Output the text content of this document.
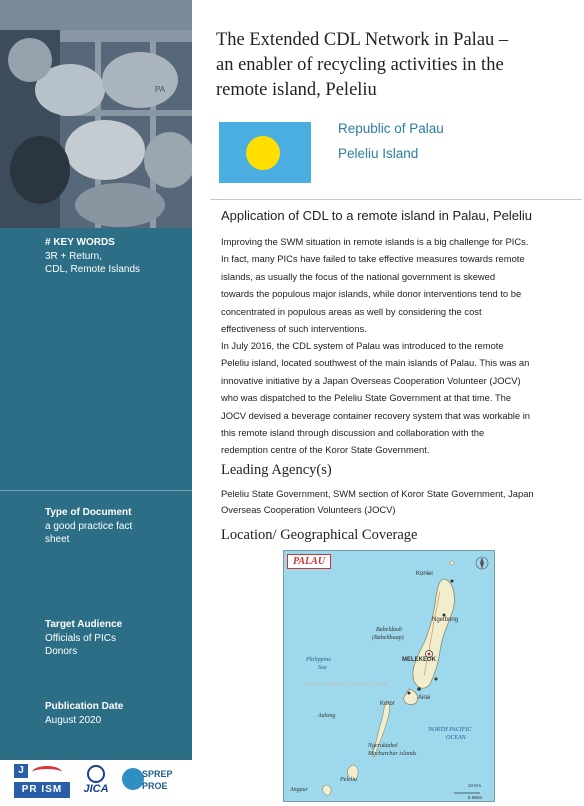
PA
# KEY WORDS
3R + Return,
CDL, Remote Islands
Type of Document
a good practice fact
sheet
Target Audience
Officials of PICs
Donors
Publication Date
August 2020
J
PR ISM	JICA
SPREP
PROE
The Extended CDL Network in Palau –
an enabler of recycling activities in the
remote island, Peleliu
Republic of Palau
Peleliu Island
Application of CDL to a remote island in Palau, Peleliu
Improving the SWM situation in remote islands is a big challenge for PICs.
In fact, many PICs have failed to take effective measures towards remote
islands, as usually the focus of the national government is skewed
towards the populous major islands, while donor interventions tend to be
concentrated in populous areas as well by considering the cost
effectiveness of such interventions.
In July 2016, the CDL system of Palau was introduced to the remote
Peleliu island, located southwest of the main islands of Palau. This was an
innovative initiative by a Japan Overseas Cooperation Volunteer (JOCV)
who was dispatched to the Peleliu State Government at that time. The
JOCV devised a beverage container recovery system that was workable in
this remote island through discussion and collaboration with the
redemption centre of the Koror State Government.
Leading Agency(s)
Peleliu State Government, SWM section of Koror State Government, Japan
Overseas Cooperation Volunteers (JOCV)
Location/ Geographical Coverage
PALAU
Koniei
Ngetbong
Babeldaob
(Babelthuap)
MELEKEOK
Philippine
Sea
www.mapsofworld.com
Koror
Airai
Aulong
NORTH PACIFIC
OCEAN
Ngeruktabel
Macharchar islands
Peleliu
Angaur
10 Km
5 Miles
